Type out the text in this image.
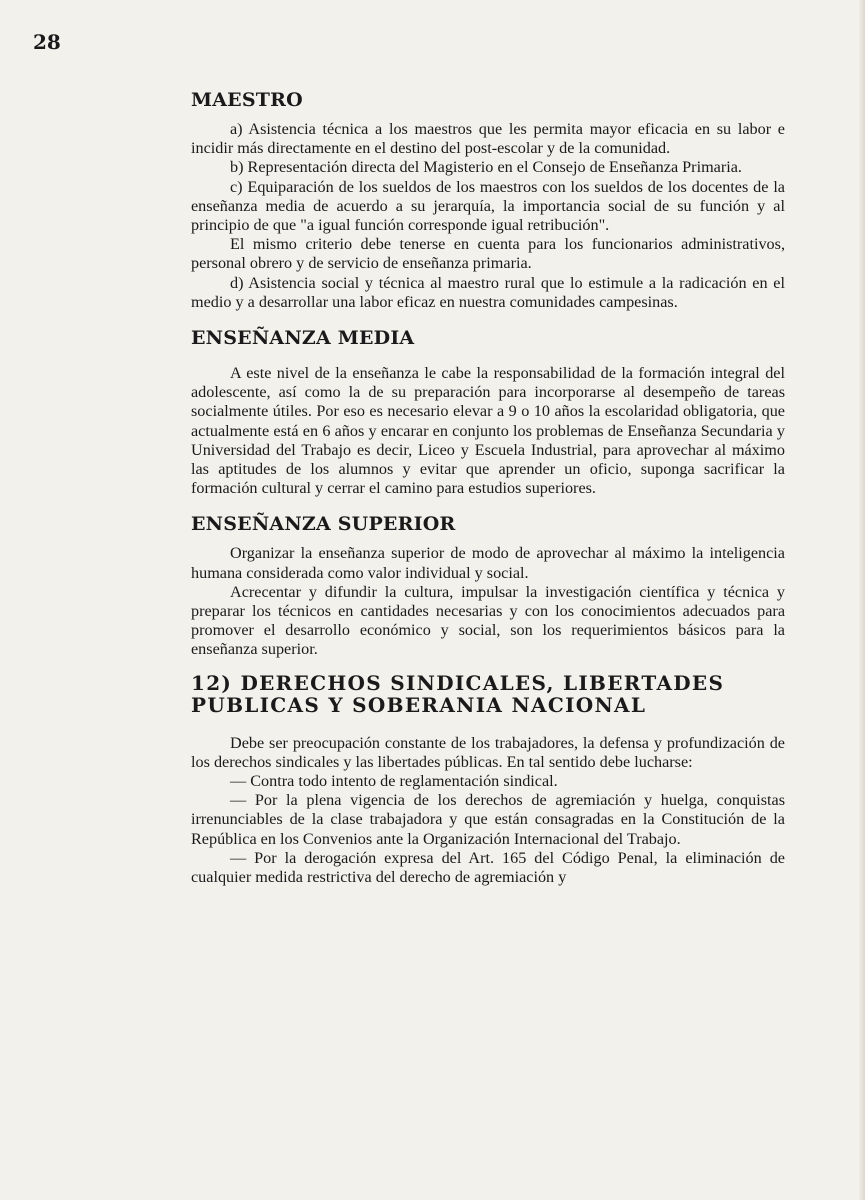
28
MAESTRO

a) Asistencia técnica a los maestros que les permita mayor eficacia en su labor e incidir más directamente en el destino del post-escolar y de la comunidad.

b) Representación directa del Magisterio en el Consejo de Enseñanza Primaria.

c) Equiparación de los sueldos de los maestros con los sueldos de los docentes de la enseñanza media de acuerdo a su jerarquía, la importancia social de su función y al principio de que "a igual función corresponde igual retribución".

El mismo criterio debe tenerse en cuenta para los funcionarios administrativos, personal obrero y de servicio de enseñanza primaria.

d) Asistencia social y técnica al maestro rural que lo estimule a la radicación en el medio y a desarrollar una labor eficaz en nuestra comunidades campesinas.

ENSEÑANZA MEDIA

A este nivel de la enseñanza le cabe la responsabilidad de la formación integral del adolescente, así como la de su preparación para incorporarse al desempeño de tareas socialmente útiles. Por eso es necesario elevar a 9 o 10 años la escolaridad obligatoria, que actualmente está en 6 años y encarar en conjunto los problemas de Enseñanza Secundaria y Universidad del Trabajo es decir, Liceo y Escuela Industrial, para aprovechar al máximo las aptitudes de los alumnos y evitar que aprender un oficio, suponga sacrificar la formación cultural y cerrar el camino para estudios superiores.

ENSEÑANZA SUPERIOR

Organizar la enseñanza superior de modo de aprovechar al máximo la inteligencia humana considerada como valor individual y social.

Acrecentar y difundir la cultura, impulsar la investigación científica y técnica y preparar los técnicos en cantidades necesarias y con los conocimientos adecuados para promover el desarrollo económico y social, son los requerimientos básicos para la enseñanza superior.

12) DERECHOS SINDICALES, LIBERTADES PUBLICAS Y SOBERANIA NACIONAL

Debe ser preocupación constante de los trabajadores, la defensa y profundización de los derechos sindicales y las libertades públicas. En tal sentido debe lucharse:

— Contra todo intento de reglamentación sindical.

— Por la plena vigencia de los derechos de agremiación y huelga, conquistas irrenunciables de la clase trabajadora y que están consagradas en la Constitución de la República en los Convenios ante la Organización Internacional del Trabajo.

— Por la derogación expresa del Art. 165 del Código Penal, la eliminación de cualquier medida restrictiva del derecho de agremiación y
